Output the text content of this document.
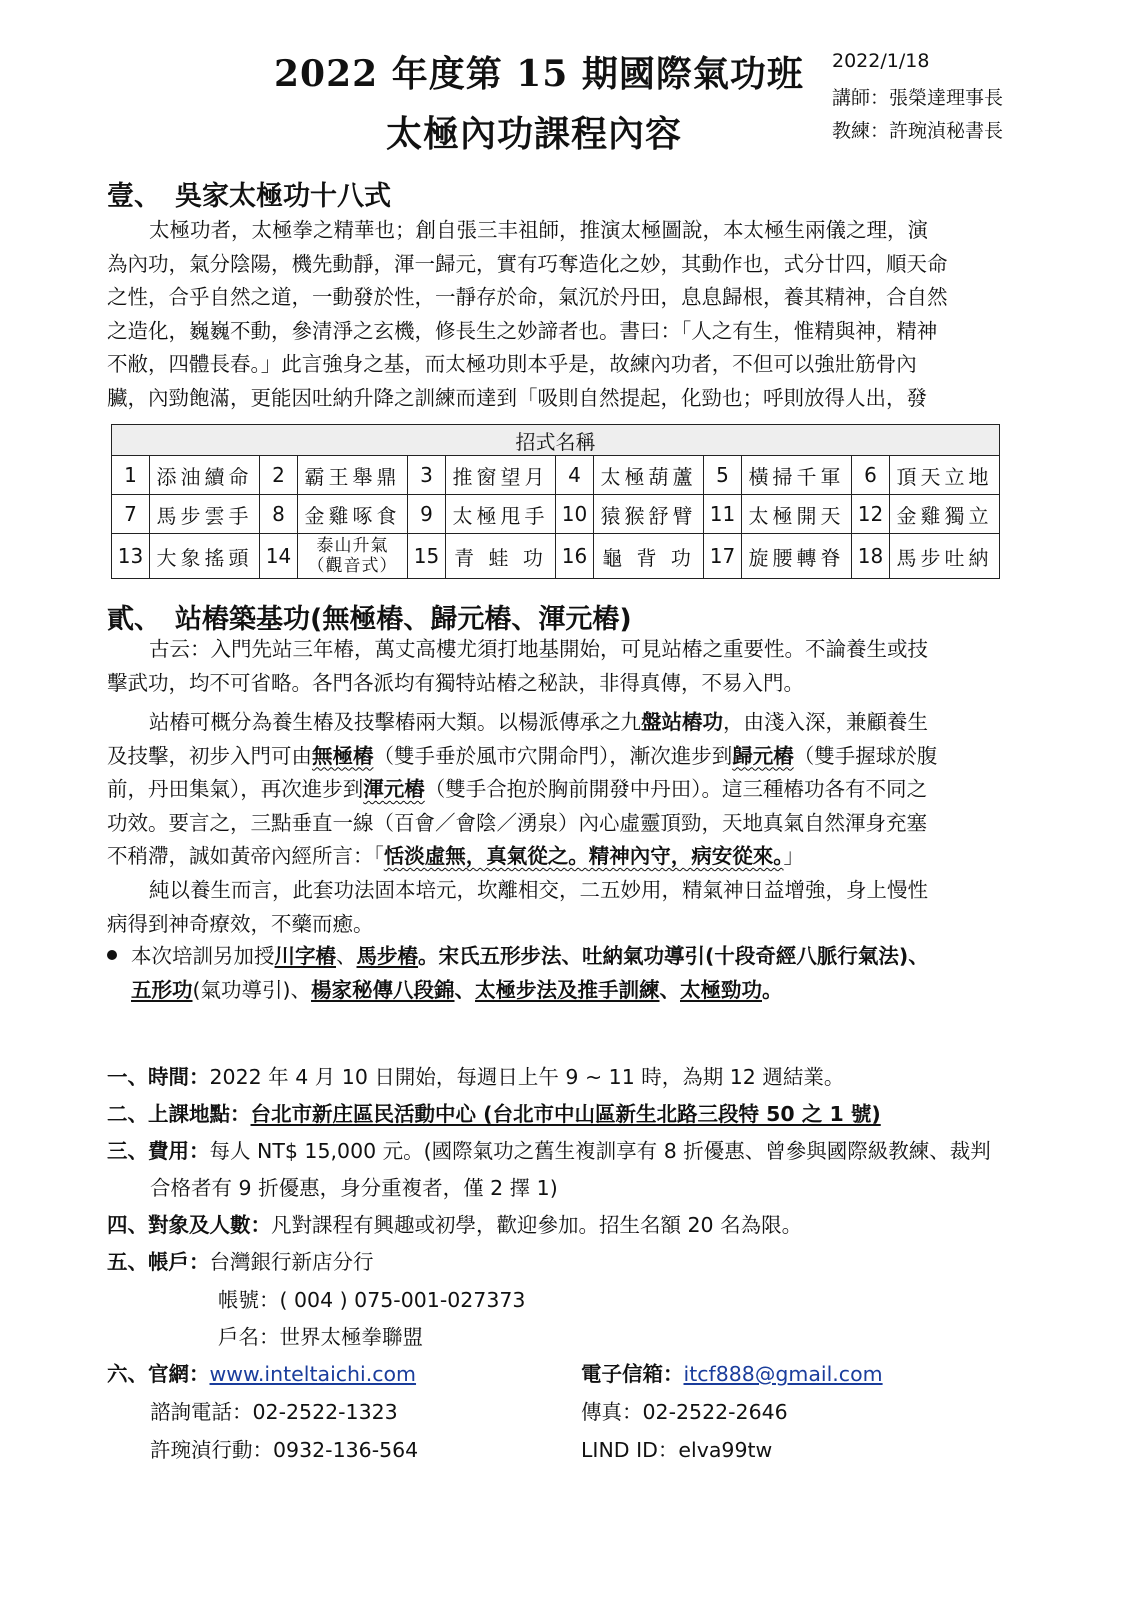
2022 年度第 15 期國際氣功班
太極內功課程內容
2022/1/18
講師：張榮達理事長
教練：許琬湞秘書長
壹、 吳家太極功十八式
太極功者，太極拳之精華也；創自張三丰祖師，推演太極圖說，本太極生兩儀之理，演
為內功，氣分陰陽，機先動靜，渾一歸元，實有巧奪造化之妙，其動作也，式分廿四，順天命
之性，合乎自然之道，一動發於性，一靜存於命，氣沉於丹田，息息歸根，養其精神，合自然
之造化，巍巍不動，參清淨之玄機，修長生之妙諦者也。書曰：「人之有生，惟精與神，精神
不敝，四體長春。」此言強身之基，而太極功則本乎是，故練內功者，不但可以強壯筋骨內
臟，內勁飽滿，更能因吐納升降之訓練而達到「吸則自然提起，化勁也；呼則放得人出，發
招式名稱											
1	添油續命	2	霸王舉鼎	3	推窗望月	4	太極葫蘆	5	橫掃千軍	6	頂天立地
7	馬步雲手	8	金雞啄食	9	太極甩手	10	猿猴舒臂	11	太極開天	12	金雞獨立
13	大象搖頭	14	泰山升氣
（觀音式）	15	青 蛙 功	16	龜 背 功	17	旋腰轉脊	18	馬步吐納
貳、 站樁築基功(無極樁、歸元樁、渾元樁)
古云：入門先站三年樁，萬丈高樓尤須打地基開始，可見站樁之重要性。不論養生或技
擊武功，均不可省略。各門各派均有獨特站樁之秘訣，非得真傳，不易入門。
站樁可概分為養生樁及技擊樁兩大類。以楊派傳承之九盤站樁功，由淺入深，兼顧養生
及技擊，初步入門可由無極樁（雙手垂於風市穴開命門），漸次進步到歸元樁（雙手握球於腹
前，丹田集氣），再次進步到渾元樁（雙手合抱於胸前開發中丹田）。這三種樁功各有不同之
功效。要言之，三點垂直一線（百會／會陰／湧泉）內心虛靈頂勁，天地真氣自然渾身充塞
不稍滯，誠如黃帝內經所言：「恬淡虛無，真氣從之。精神內守，病安從來。」
純以養生而言，此套功法固本培元，坎離相交，二五妙用，精氣神日益增強，身上慢性
病得到神奇療效，不藥而癒。
本次培訓另加授川字樁、馬步樁。宋氏五形步法、吐納氣功導引(十段奇經八脈行氣法)、
五形功(氣功導引)、楊家秘傳八段錦、太極步法及推手訓練、太極勁功。
一、時間：2022 年 4 月 10 日開始，每週日上午 9 ~ 11 時，為期 12 週結業。
二、上課地點：台北市新庄區民活動中心 (台北市中山區新生北路三段特 50 之 1 號)
三、費用：每人 NT$ 15,000 元。(國際氣功之舊生複訓享有 8 折優惠、曾參與國際級教練、裁判
合格者有 9 折優惠，身分重複者，僅 2 擇 1)
四、對象及人數：凡對課程有興趣或初學，歡迎參加。招生名額 20 名為限。
五、帳戶：台灣銀行新店分行
帳號：( 004 ) 075-001-027373
戶名：世界太極拳聯盟
六、官網：www.inteltaichi.com	電子信箱：itcf888@gmail.com
諮詢電話：02-2522-1323	傳真：02-2522-2646
許琬湞行動：0932-136-564	LIND ID：elva99tw
